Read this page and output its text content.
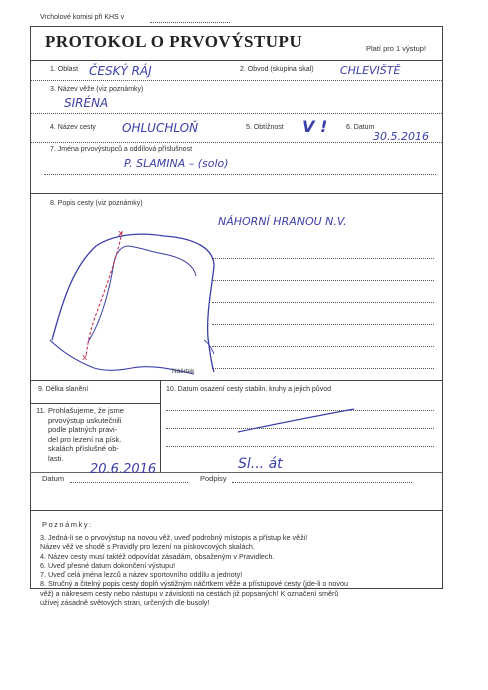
Vrcholové komisi při KHS v
PROTOKOL O PRVOVÝSTUPU	Platí pro 1 výstup!
1. Oblast ČESKÝ RÁJ	2. Obvod (skupina skal) CHLEVIŠTĚ
3. Název věže (viz poznámky)
SIRÉNA
4. Název cesty OHLUCHLOŇ	5. Obtížnost V !	6. Datum
30.5.2016
7. Jména prvovýstupců a oddílová příslušnost
P. SLAMINA – (solo)
8. Popis cesty (viz poznámky)
NÁHORNÍ HRANOU N.V.
x
x
Náčrtek
9. Délka slanění	10. Datum osazení cesty stabiln. kruhy a jejich původ
11. Prohlašujeme, že jsme
prvovýstup uskutečnili
podle platných pravi-
del pro lezení na písk.
skalách příslušné ob-
lasti.
Datum
20.6.2016
Podpisy
Sl... át
Poznámky:
3. Jedná-li se o prvovýstup na novou věž, uveď podrobný místopis a přístup ke věži!
Název věž ve shodě s Pravidly pro lezení na pískovcových skalách.
4. Název cesty musí taktéž odpovídat zásadám, obsaženým v Pravidlech.
6. Uveď přesné datum dokončení výstupu!
7. Uveď celá jména lezců a název sportovního oddílu a jednoty!
8. Stručný a čitelný popis cesty doplň výstižným náčrtkem věže a přístupové cesty (jde-li o novou
věž) a nákresem cesty nebo nástupu v závislosti na cestách již popsaných! K označení směrů
užívej zásadně světových stran, určených dle busoly!
